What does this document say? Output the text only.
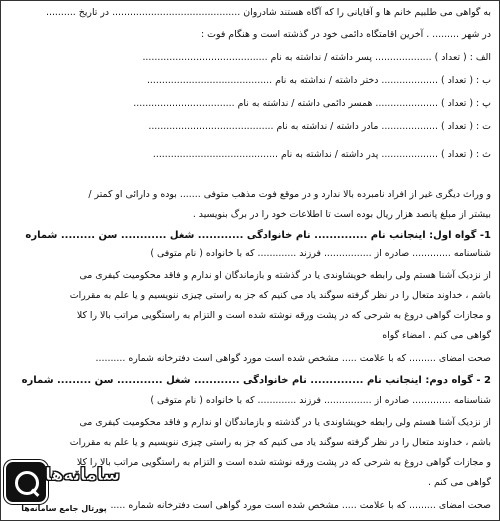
به گواهی می طلبیم خانم ها و آقایانی را که آگاه هستند شادروان ........................................... در تاریخ ..........
در شهر ......... . آخرین اقامتگاه دائمی خود در گذشته است و هنگام فوت :
الف : ( تعداد ) ................... پسر داشته / نداشته به نام ..........................................
ب : ( تعداد ) ................... دختر داشته / نداشته به نام ..........................................
پ : ( تعداد ) ..................... همسر دائمی داشته / نداشته به نام ..................................
ت : ( تعداد ) ................... مادر داشته / نداشته به نام ..........................................
ث : ( تعداد ) ................... پدر داشته / نداشته به نام ..........................................
و وراث دیگری غیر از افراد نامبرده بالا ندارد و در موقع فوت مذهب متوفی ....... بوده و دارائی او کمتر /
بیشتر از مبلغ پانصد هزار ریال بوده است تا اطلاعات خود را در برگ بنویسید .
1- گواه اول: اینجانب نام .............. نام خانوادگی ............ شغل ............ سن ......... شماره
شناسنامه ............. صادره از ................ فرزند ............. که با خانواده ( نام متوفی )
از نزدیک آشنا هستم ولی رابطه خویشاوندی یا در گذشته و بازماندگان او ندارم و فاقد محکومیت کیفری می
باشم ، خداوند متعال را در نظر گرفته سوگند یاد می کنیم که جز به راستی چیزی ننویسیم و یا علم به مقررات
و مجازات گواهی دروغ به شرحی که در پشت ورقه نوشته شده است و التزام به راستگویی مراتب بالا را کلا
گواهی می کنم . امضاء گواه
صحت امضای ......... که با علامت ..... مشخص شده است مورد گواهی است دفترخانه شماره ..........
2 - گواه دوم: اینجانب نام .............. نام خانوادگی ............ شغل ............ سن ......... شماره
شناسنامه ............. صادره از ................ فرزند ............. که با خانواده ( نام متوفی )
از نزدیک آشنا هستم ولی رابطه خویشاوندی یا در گذشته و بازماندگان او ندارم و فاقد محکومیت کیفری می
باشم ، خداوند متعال را در نظر گرفته سوگند یاد می کنیم که جز به راستی چیزی ننویسیم و یا علم به مقررات
و مجازات گواهی دروغ به شرحی که در پشت ورقه نوشته شده است و التزام به راستگویی مراتب بالا را کلا
گواهی می کنم .
صحت امضای ......... که با علامت ..... مشخص شده است مورد گواهی است دفترخانه شماره .....
سامانه‌ها
پورتال جامع سامانه‌ها
